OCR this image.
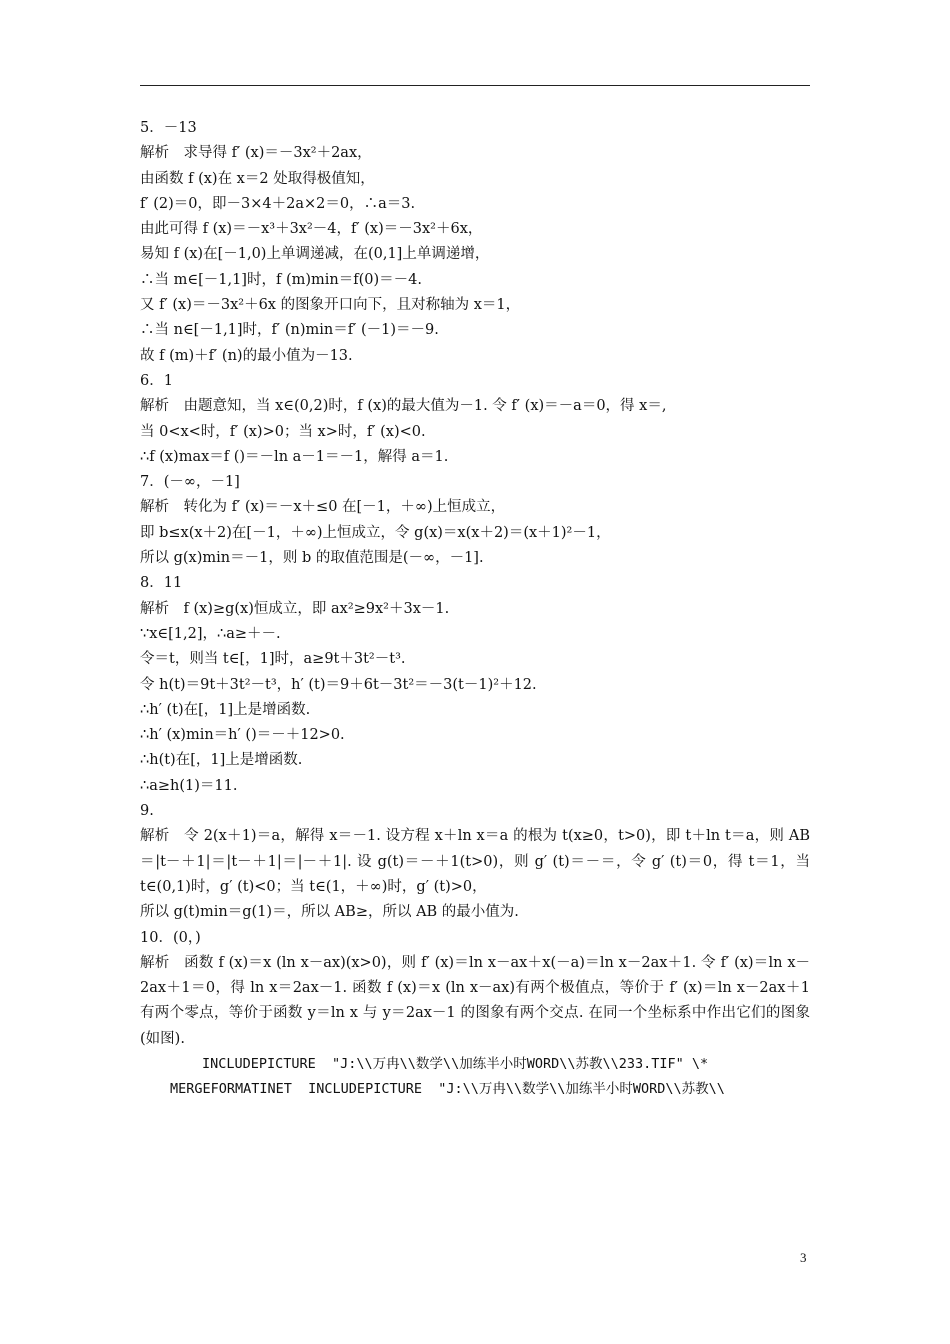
5．－13
解析　求导得 f′ (x)＝－3x²＋2ax，
由函数 f (x)在 x＝2 处取得极值知，
f′ (2)＝0，即－3×4＋2a×2＝0，∴a＝3.
由此可得 f (x)＝－x³＋3x²－4，f′ (x)＝－3x²＋6x，
易知 f (x)在[－1,0)上单调递减，在(0,1]上单调递增，
∴当 m∈[－1,1]时，f (m)min＝f(0)＝－4.
又 f′ (x)＝－3x²＋6x 的图象开口向下，且对称轴为 x＝1，
∴当 n∈[－1,1]时，f′ (n)min＝f′ (－1)＝－9.
故 f (m)＋f′ (n)的最小值为－13.
6．1
解析　由题意知，当 x∈(0,2)时，f (x)的最大值为－1. 令 f′ (x)＝－a＝0，得 x＝,
当 0<x<时，f′ (x)>0；当 x>时，f′ (x)<0.
∴f (x)max＝f ()＝－ln a－1＝－1，解得 a＝1.
7．(－∞，－1]
解析　转化为 f′ (x)＝－x＋≤0 在[－1，＋∞)上恒成立，
即 b≤x(x＋2)在[－1，＋∞)上恒成立，令 g(x)＝x(x＋2)＝(x＋1)²－1，
所以 g(x)min＝－1，则 b 的取值范围是(－∞，－1].
8．11
解析　f (x)≥g(x)恒成立，即 ax²≥9x²＋3x－1.
∵x∈[1,2]，∴a≥＋－.
令＝t，则当 t∈[，1]时，a≥9t＋3t²－t³.
令 h(t)＝9t＋3t²－t³，h′ (t)＝9＋6t－3t²＝－3(t－1)²＋12.
∴h′ (t)在[，1]上是增函数.
∴h′ (x)min＝h′ ()＝－＋12>0.
∴h(t)在[，1]上是增函数.
∴a≥h(1)＝11.
9.
解析　令 2(x＋1)＝a，解得 x＝－1. 设方程 x＋ln x＝a 的根为 t(x≥0，t>0)，即 t＋ln t＝a，则 AB＝|t－＋1|＝|t－＋1|＝|－＋1|. 设 g(t)＝－＋1(t>0)，则 g′ (t)＝－＝，令 g′ (t)＝0，得 t＝1，当 t∈(0,1)时，g′ (t)<0；当 t∈(1，＋∞)时，g′ (t)>0，
所以 g(t)min＝g(1)＝，所以 AB≥，所以 AB 的最小值为.
10．(0，)
解析　函数 f (x)＝x (ln x－ax)(x>0)，则 f′ (x)＝ln x－ax＋x(－a)＝ln x－2ax＋1. 令 f′ (x)＝ln x－2ax＋1＝0，得 ln x＝2ax－1. 函数 f (x)＝x (ln x－ax)有两个极值点，等价于 f′ (x)＝ln x－2ax＋1 有两个零点，等价于函数 y＝ln x 与 y＝2ax－1 的图象有两个交点. 在同一个坐标系中作出它们的图象(如图).
INCLUDEPICTURE  "J:\\万冉\\数学\\加练半小时WORD\\苏教\\233.TIF" \*
MERGEFORMATINET  INCLUDEPICTURE  "J:\\万冉\\数学\\加练半小时WORD\\苏教\\
3
